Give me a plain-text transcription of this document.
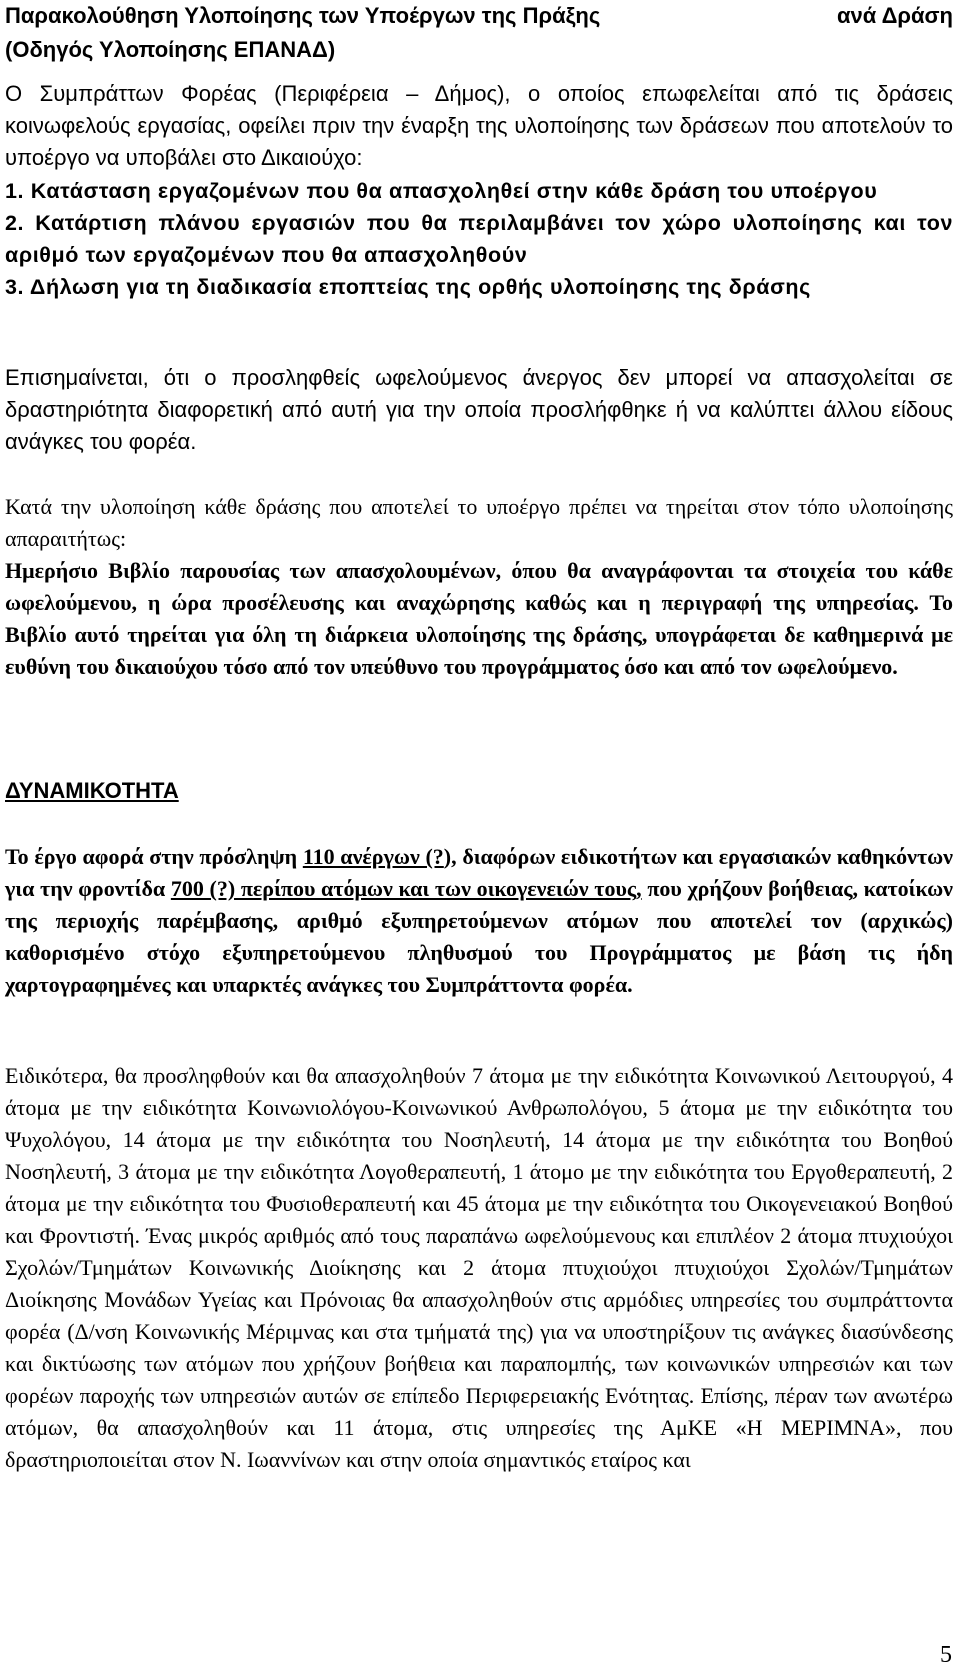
Παρακολούθηση Υλοποίησης των Υποέργων της Πράξης	ανά Δράση

(Οδηγός Υλοποίησης ΕΠΑΝΑΔ)

Ο Συμπράττων Φορέας (Περιφέρεια – Δήμος), ο οποίος επωφελείται από τις δράσεις κοινωφελούς εργασίας, οφείλει πριν την έναρξη της υλοποίησης των δράσεων που αποτελούν το υποέργο να υποβάλει στο Δικαιούχο:

1. Κατάσταση εργαζομένων που θα απασχοληθεί στην κάθε δράση του υποέργου
2. Κατάρτιση πλάνου εργασιών που θα περιλαμβάνει τον χώρο υλοποίησης και τον αριθμό των εργαζομένων που θα απασχοληθούν
3. Δήλωση για τη διαδικασία εποπτείας της ορθής υλοποίησης της δράσης

Επισημαίνεται, ότι ο προσληφθείς ωφελούμενος άνεργος δεν μπορεί να απασχολείται σε δραστηριότητα διαφορετική από αυτή για την οποία προσλήφθηκε ή να καλύπτει άλλου είδους ανάγκες του φορέα.

Κατά την υλοποίηση κάθε δράσης που αποτελεί το υποέργο πρέπει να τηρείται στον τόπο υλοποίησης απαραιτήτως:
Ημερήσιο Βιβλίο παρουσίας των απασχολουμένων, όπου θα αναγράφονται τα στοιχεία του κάθε ωφελούμενου, η ώρα προσέλευσης και αναχώρησης καθώς και η περιγραφή της υπηρεσίας. Το Βιβλίο αυτό τηρείται για όλη τη διάρκεια υλοποίησης της δράσης, υπογράφεται δε καθημερινά με ευθύνη του δικαιούχου τόσο από τον υπεύθυνο του προγράμματος όσο και από τον ωφελούμενο.

ΔΥΝΑΜΙΚΟΤΗΤΑ

Το έργο αφορά στην πρόσληψη 110 ανέργων (?), διαφόρων ειδικοτήτων και εργασιακών καθηκόντων για την φροντίδα 700 (?) περίπου ατόμων και των οικογενειών τους, που χρήζουν βοήθειας, κατοίκων της περιοχής παρέμβασης, αριθμό εξυπηρετούμενων ατόμων που αποτελεί τον (αρχικώς) καθορισμένο στόχο εξυπηρετούμενου πληθυσμού του Προγράμματος με βάση τις ήδη χαρτογραφημένες και υπαρκτές ανάγκες του Συμπράττοντα φορέα.

Ειδικότερα, θα προσληφθούν και θα απασχοληθούν 7 άτομα με την ειδικότητα Κοινωνικού Λειτουργού, 4 άτομα με την ειδικότητα Κοινωνιολόγου-Κοινωνικού Ανθρωπολόγου, 5 άτομα με την ειδικότητα του Ψυχολόγου, 14 άτομα με την ειδικότητα του Νοσηλευτή, 14 άτομα με την ειδικότητα του Βοηθού Νοσηλευτή, 3 άτομα με την ειδικότητα Λογοθεραπευτή, 1 άτομο με την ειδικότητα του Εργοθεραπευτή, 2 άτομα με την ειδικότητα του Φυσιοθεραπευτή και 45 άτομα με την ειδικότητα του Οικογενειακού Βοηθού και Φροντιστή. Ένας μικρός αριθμός από τους παραπάνω ωφελούμενους και επιπλέον 2 άτομα πτυχιούχοι Σχολών/Τμημάτων Κοινωνικής Διοίκησης και 2 άτομα πτυχιούχοι πτυχιούχοι Σχολών/Τμημάτων Διοίκησης Μονάδων Υγείας και Πρόνοιας θα απασχοληθούν στις αρμόδιες υπηρεσίες του συμπράττοντα φορέα (Δ/νση Κοινωνικής Μέριμνας και στα τμήματά της) για να υποστηρίξουν τις ανάγκες διασύνδεσης και δικτύωσης των ατόμων που χρήζουν βοήθεια και παραπομπής, των κοινωνικών υπηρεσιών και των φορέων παροχής των υπηρεσιών αυτών σε επίπεδο Περιφερειακής Ενότητας. Επίσης, πέραν των ανωτέρω ατόμων, θα απασχοληθούν και 11 άτομα, στις υπηρεσίες της ΑμΚΕ «Η ΜΕΡΙΜΝΑ», που δραστηριοποιείται στον Ν. Ιωαννίνων και στην οποία σημαντικός εταίρος και

5
